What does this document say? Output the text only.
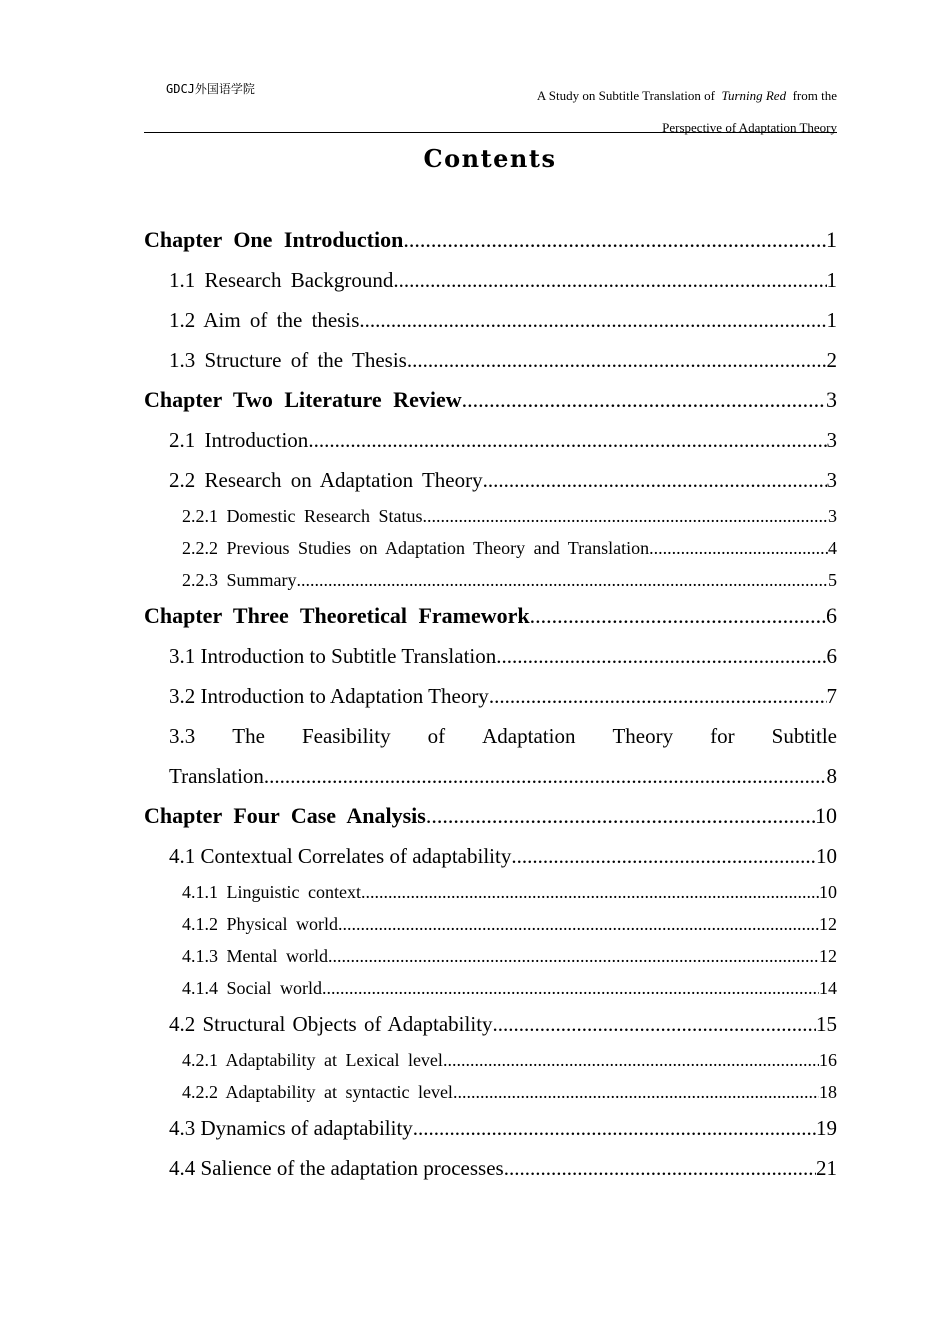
GDCJ外国语学院	A Study on Subtitle Translation of Turning Red from the
Perspective of Adaptation Theory
Contents
Chapter One Introduction .....	1
1.1 Research Background .....	1
1.2 Aim of the thesis .....	1
1.3 Structure of the Thesis .....	2
Chapter Two Literature Review .....	3
2.1 Introduction .....	3
2.2 Research on Adaptation Theory .....	3
2.2.1 Domestic Research Status .....	3
2.2.2 Previous Studies on Adaptation Theory and Translation .....	4
2.2.3 Summary .....	5
Chapter Three Theoretical Framework .....	6
3.1 Introduction to Subtitle Translation .....	6
3.2 Introduction to Adaptation Theory .....	7
3.3 The Feasibility of Adaptation Theory for Subtitle
Translation .....	8
Chapter Four Case Analysis .....	10
4.1 Contextual Correlates of adaptability .....	10
4.1.1 Linguistic context .....	10
4.1.2 Physical world .....	12
4.1.3 Mental world .....	12
4.1.4 Social world .....	14
4.2 Structural Objects of Adaptability .....	15
4.2.1 Adaptability at Lexical level .....	16
4.2.2 Adaptability at syntactic level .....	18
4.3 Dynamics of adaptability .....	19
4.4 Salience of the adaptation processes .....	21
